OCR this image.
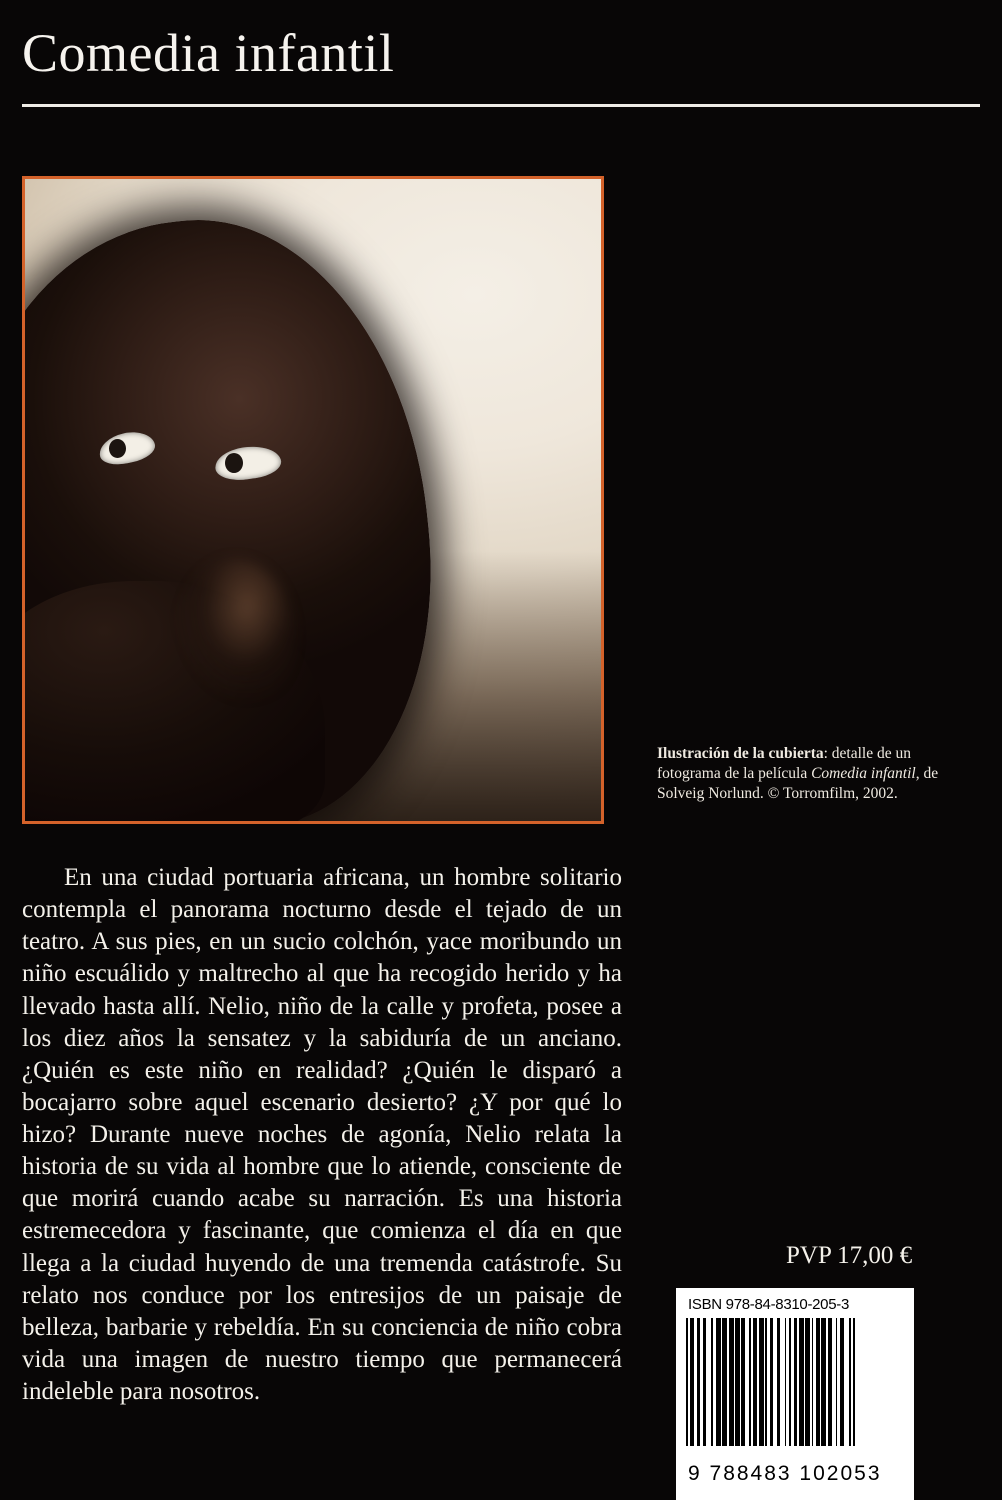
Comedia infantil
Ilustración de la cubierta: detalle de un fotograma de la película Comedia infantil, de Solveig Norlund. © Torromfilm, 2002.

En una ciudad portuaria africana, un hombre solitario contempla el panorama nocturno desde el tejado de un teatro. A sus pies, en un sucio colchón, yace moribundo un niño escuálido y maltrecho al que ha recogido herido y ha llevado hasta allí. Nelio, niño de la calle y profeta, posee a los diez años la sensatez y la sabiduría de un anciano. ¿Quién es este niño en realidad? ¿Quién le disparó a bocajarro sobre aquel escenario desierto? ¿Y por qué lo hizo? Durante nueve noches de agonía, Nelio relata la historia de su vida al hombre que lo atiende, consciente de que morirá cuando acabe su narración. Es una historia estremecedora y fascinante, que comienza el día en que llega a la ciudad huyendo de una tremenda catástrofe. Su relato nos conduce por los entresijos de un paisaje de belleza, barbarie y rebeldía. En su conciencia de niño cobra vida una imagen de nuestro tiempo que permanecerá indeleble para nosotros.

PVP 17,00 €
ISBN 978-84-8310-205-3
9 788483 102053
